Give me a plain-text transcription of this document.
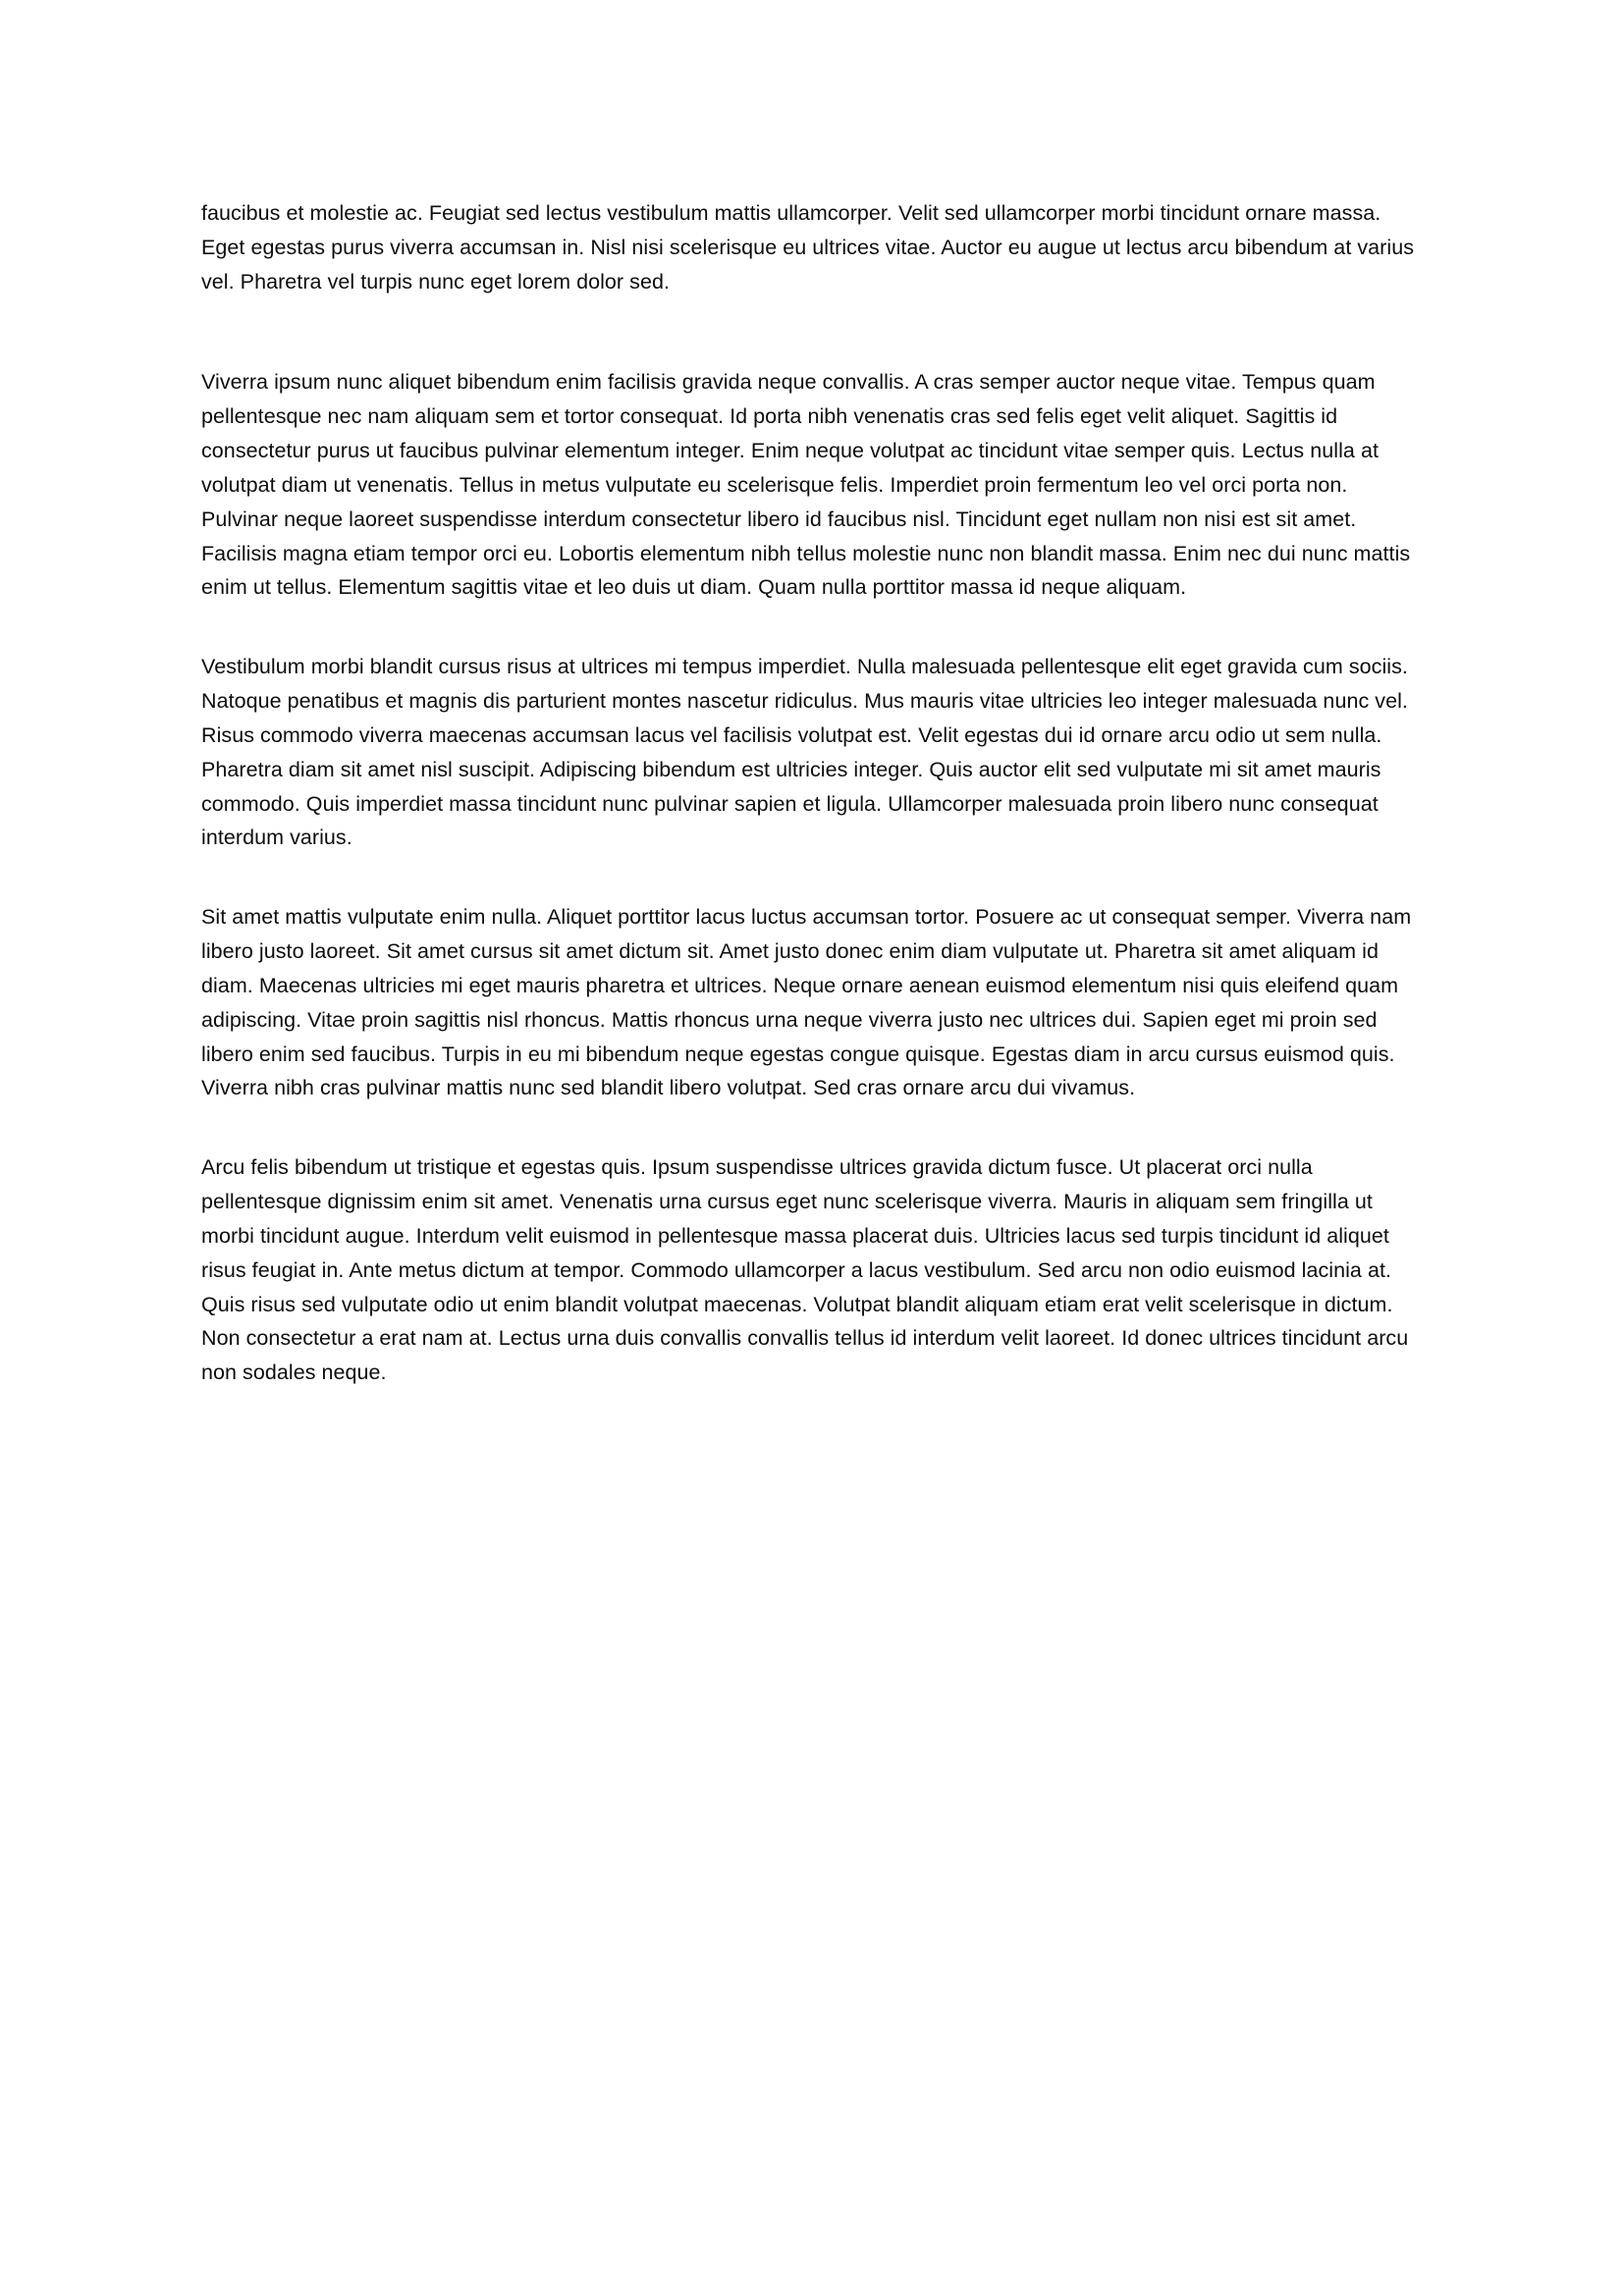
faucibus et molestie ac. Feugiat sed lectus vestibulum mattis ullamcorper. Velit sed ullamcorper morbi tincidunt ornare massa. Eget egestas purus viverra accumsan in. Nisl nisi scelerisque eu ultrices vitae. Auctor eu augue ut lectus arcu bibendum at varius vel. Pharetra vel turpis nunc eget lorem dolor sed.

Viverra ipsum nunc aliquet bibendum enim facilisis gravida neque convallis. A cras semper auctor neque vitae. Tempus quam pellentesque nec nam aliquam sem et tortor consequat. Id porta nibh venenatis cras sed felis eget velit aliquet. Sagittis id consectetur purus ut faucibus pulvinar elementum integer. Enim neque volutpat ac tincidunt vitae semper quis. Lectus nulla at volutpat diam ut venenatis. Tellus in metus vulputate eu scelerisque felis. Imperdiet proin fermentum leo vel orci porta non. Pulvinar neque laoreet suspendisse interdum consectetur libero id faucibus nisl. Tincidunt eget nullam non nisi est sit amet. Facilisis magna etiam tempor orci eu. Lobortis elementum nibh tellus molestie nunc non blandit massa. Enim nec dui nunc mattis enim ut tellus. Elementum sagittis vitae et leo duis ut diam. Quam nulla porttitor massa id neque aliquam.

Vestibulum morbi blandit cursus risus at ultrices mi tempus imperdiet. Nulla malesuada pellentesque elit eget gravida cum sociis. Natoque penatibus et magnis dis parturient montes nascetur ridiculus. Mus mauris vitae ultricies leo integer malesuada nunc vel. Risus commodo viverra maecenas accumsan lacus vel facilisis volutpat est. Velit egestas dui id ornare arcu odio ut sem nulla. Pharetra diam sit amet nisl suscipit. Adipiscing bibendum est ultricies integer. Quis auctor elit sed vulputate mi sit amet mauris commodo. Quis imperdiet massa tincidunt nunc pulvinar sapien et ligula. Ullamcorper malesuada proin libero nunc consequat interdum varius.

Sit amet mattis vulputate enim nulla. Aliquet porttitor lacus luctus accumsan tortor. Posuere ac ut consequat semper. Viverra nam libero justo laoreet. Sit amet cursus sit amet dictum sit. Amet justo donec enim diam vulputate ut. Pharetra sit amet aliquam id diam. Maecenas ultricies mi eget mauris pharetra et ultrices. Neque ornare aenean euismod elementum nisi quis eleifend quam adipiscing. Vitae proin sagittis nisl rhoncus. Mattis rhoncus urna neque viverra justo nec ultrices dui. Sapien eget mi proin sed libero enim sed faucibus. Turpis in eu mi bibendum neque egestas congue quisque. Egestas diam in arcu cursus euismod quis. Viverra nibh cras pulvinar mattis nunc sed blandit libero volutpat. Sed cras ornare arcu dui vivamus.

Arcu felis bibendum ut tristique et egestas quis. Ipsum suspendisse ultrices gravida dictum fusce. Ut placerat orci nulla pellentesque dignissim enim sit amet. Venenatis urna cursus eget nunc scelerisque viverra. Mauris in aliquam sem fringilla ut morbi tincidunt augue. Interdum velit euismod in pellentesque massa placerat duis. Ultricies lacus sed turpis tincidunt id aliquet risus feugiat in. Ante metus dictum at tempor. Commodo ullamcorper a lacus vestibulum. Sed arcu non odio euismod lacinia at. Quis risus sed vulputate odio ut enim blandit volutpat maecenas. Volutpat blandit aliquam etiam erat velit scelerisque in dictum. Non consectetur a erat nam at. Lectus urna duis convallis convallis tellus id interdum velit laoreet. Id donec ultrices tincidunt arcu non sodales neque.
